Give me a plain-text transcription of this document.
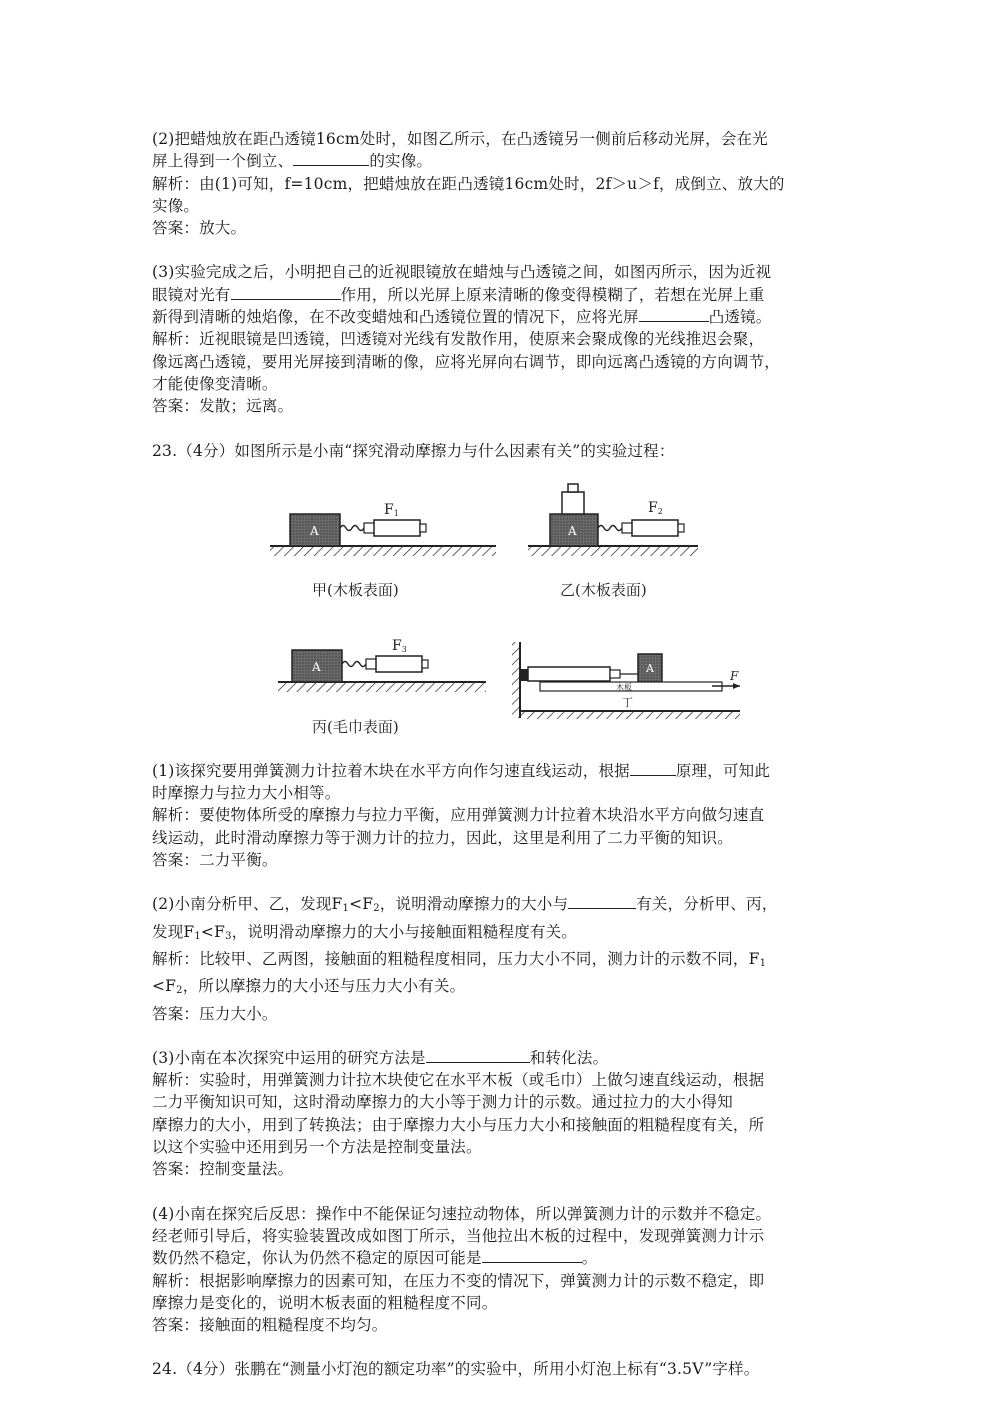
(2)把蜡烛放在距凸透镜16cm处时，如图乙所示，在凸透镜另一侧前后移动光屏，会在光
屏上得到一个倒立、	的实像。
解析：由(1)可知，f=10cm，把蜡烛放在距凸透镜16cm处时，2f＞u＞f，成倒立、放大的
实像。
答案：放大。
(3)实验完成之后，小明把自己的近视眼镜放在蜡烛与凸透镜之间，如图丙所示，因为近视
眼镜对光有	作用，所以光屏上原来清晰的像变得模糊了，若想在光屏上重
新得到清晰的烛焰像，在不改变蜡烛和凸透镜位置的情况下，应将光屏	凸透镜。
解析：近视眼镜是凹透镜，凹透镜对光线有发散作用，使原来会聚成像的光线推迟会聚，
像远离凸透镜，要用光屏接到清晰的像，应将光屏向右调节，即向远离凸透镜的方向调节，
才能使像变清晰。
答案：发散；远离。
23.（4分）如图所示是小南“探究滑动摩擦力与什么因素有关”的实验过程：
A
F1
甲(木板表面)
A
F2
乙(木板表面)
A
F3
丙(毛巾表面)
A
木板
F
丁
(1)该探究要用弹簧测力计拉着木块在水平方向作匀速直线运动，根据	原理，可知此
时摩擦力与拉力大小相等。
解析：要使物体所受的摩擦力与拉力平衡，应用弹簧测力计拉着木块沿水平方向做匀速直
线运动，此时滑动摩擦力等于测力计的拉力，因此，这里是利用了二力平衡的知识。
答案：二力平衡。
(2)小南分析甲、乙，发现$F_1<F_2$，说明滑动摩擦力的大小与	有关，分析甲、丙，
发现$F_1<F_3$，说明滑动摩擦力的大小与接触面粗糙程度有关。
解析：比较甲、乙两图，接触面的粗糙程度相同，压力大小不同，测力计的示数不同，$F_1$
$<F_2$，所以摩擦力的大小还与压力大小有关。
答案：压力大小。
(3)小南在本次探究中运用的研究方法是	和转化法。
解析：实验时，用弹簧测力计拉木块使它在水平木板（或毛巾）上做匀速直线运动，根据
二力平衡知识可知，这时滑动摩擦力的大小等于测力计的示数。通过拉力的大小得知
摩擦力的大小，用到了转换法；由于摩擦力大小与压力大小和接触面的粗糙程度有关，所
以这个实验中还用到另一个方法是控制变量法。
答案：控制变量法。
(4)小南在探究后反思：操作中不能保证匀速拉动物体，所以弹簧测力计的示数并不稳定。
经老师引导后，将实验装置改成如图丁所示，当他拉出木板的过程中，发现弹簧测力计示
数仍然不稳定，你认为仍然不稳定的原因可能是	。
解析：根据影响摩擦力的因素可知，在压力不变的情况下，弹簧测力计的示数不稳定，即
摩擦力是变化的，说明木板表面的粗糙程度不同。
答案：接触面的粗糙程度不均匀。
24.（4分）张鹏在“测量小灯泡的额定功率”的实验中，所用小灯泡上标有“3.5V”字样。
